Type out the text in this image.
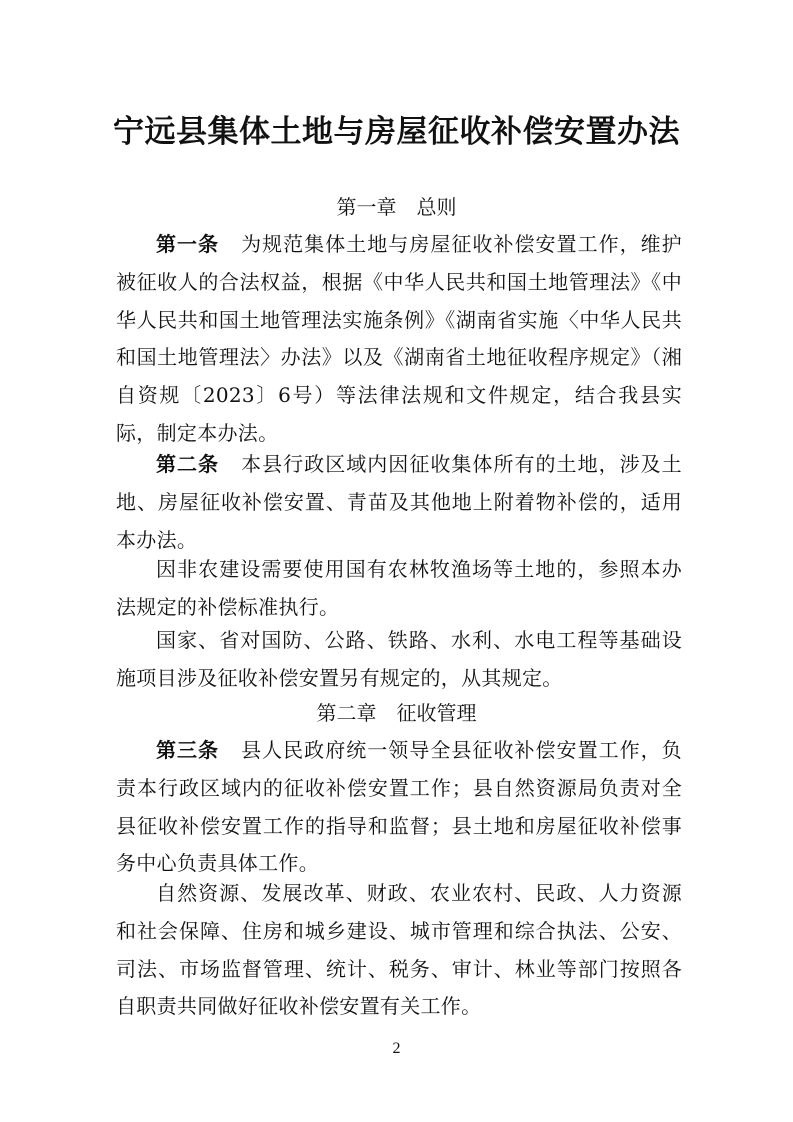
宁远县集体土地与房屋征收补偿安置办法
第一章 总则

第一条 为规范集体土地与房屋征收补偿安置工作，维护被征收人的合法权益，根据《中华人民共和国土地管理法》《中华人民共和国土地管理法实施条例》《湖南省实施〈中华人民共和国土地管理法〉办法》以及《湖南省土地征收程序规定》（湘自资规〔2023〕6号）等法律法规和文件规定，结合我县实际，制定本办法。

第二条 本县行政区域内因征收集体所有的土地，涉及土地、房屋征收补偿安置、青苗及其他地上附着物补偿的，适用本办法。

因非农建设需要使用国有农林牧渔场等土地的，参照本办法规定的补偿标准执行。

国家、省对国防、公路、铁路、水利、水电工程等基础设施项目涉及征收补偿安置另有规定的，从其规定。

第二章 征收管理

第三条 县人民政府统一领导全县征收补偿安置工作，负责本行政区域内的征收补偿安置工作；县自然资源局负责对全县征收补偿安置工作的指导和监督；县土地和房屋征收补偿事务中心负责具体工作。

自然资源、发展改革、财政、农业农村、民政、人力资源和社会保障、住房和城乡建设、城市管理和综合执法、公安、司法、市场监督管理、统计、税务、审计、林业等部门按照各自职责共同做好征收补偿安置有关工作。

2
